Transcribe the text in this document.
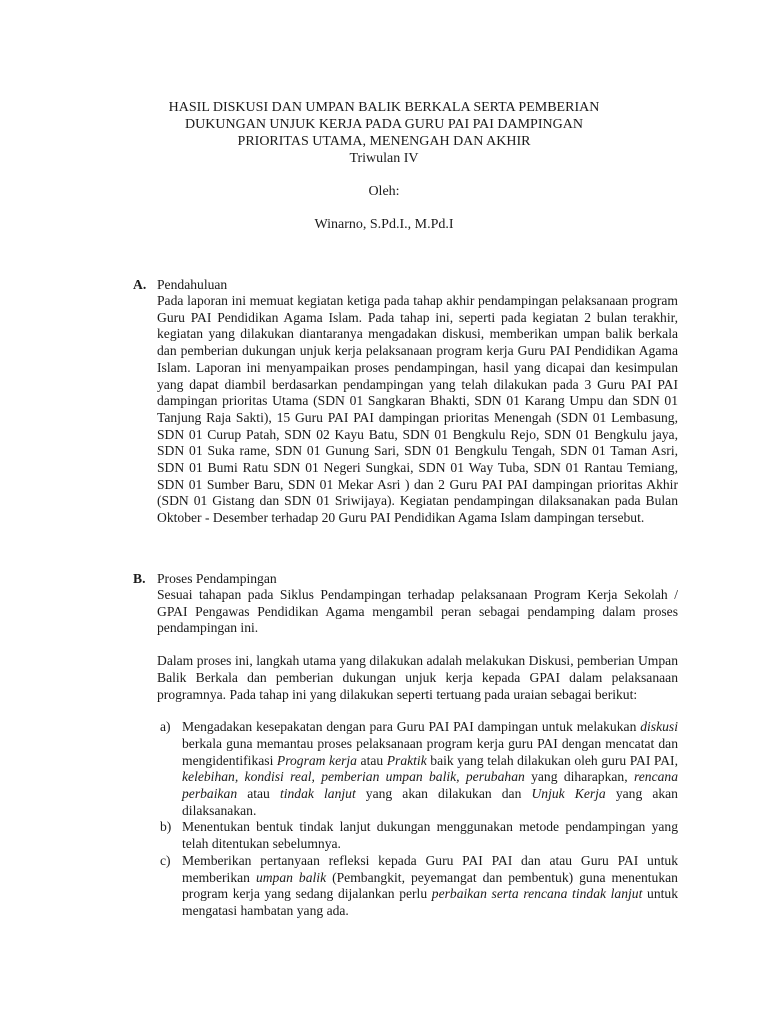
HASIL DISKUSI DAN UMPAN BALIK BERKALA SERTA PEMBERIAN
DUKUNGAN UNJUK KERJA PADA GURU PAI PAI DAMPINGAN
PRIORITAS UTAMA, MENENGAH DAN AKHIR
Triwulan IV
Oleh:
Winarno, S.Pd.I., M.Pd.I
A. Pendahuluan
Pada laporan ini memuat kegiatan ketiga pada tahap akhir pendampingan pelaksanaan program Guru PAI Pendidikan Agama Islam. Pada tahap ini, seperti pada kegiatan 2 bulan terakhir, kegiatan yang dilakukan diantaranya mengadakan diskusi, memberikan umpan balik berkala dan pemberian dukungan unjuk kerja pelaksanaan program kerja Guru PAI Pendidikan Agama Islam. Laporan ini menyampaikan proses pendampingan, hasil yang dicapai dan kesimpulan yang dapat diambil berdasarkan pendampingan yang telah dilakukan pada 3 Guru PAI PAI dampingan prioritas Utama (SDN 01 Sangkaran Bhakti, SDN 01 Karang Umpu dan SDN 01 Tanjung Raja Sakti), 15 Guru PAI PAI dampingan prioritas Menengah (SDN 01 Lembasung, SDN 01 Curup Patah, SDN 02 Kayu Batu, SDN 01 Bengkulu Rejo, SDN 01 Bengkulu jaya, SDN 01 Suka rame, SDN 01 Gunung Sari, SDN 01 Bengkulu Tengah, SDN 01 Taman Asri, SDN 01 Bumi Ratu SDN 01 Negeri Sungkai, SDN 01 Way Tuba, SDN 01 Rantau Temiang, SDN 01 Sumber Baru, SDN 01 Mekar Asri ) dan 2 Guru PAI PAI dampingan prioritas Akhir (SDN 01 Gistang dan SDN 01 Sriwijaya). Kegiatan pendampingan dilaksanakan pada Bulan Oktober - Desember terhadap 20 Guru PAI Pendidikan Agama Islam dampingan tersebut.
B. Proses Pendampingan
Sesuai tahapan pada Siklus Pendampingan terhadap pelaksanaan Program Kerja Sekolah / GPAI Pengawas Pendidikan Agama mengambil peran sebagai pendamping dalam proses pendampingan ini.
Dalam proses ini, langkah utama yang dilakukan adalah melakukan Diskusi, pemberian Umpan Balik Berkala dan pemberian dukungan unjuk kerja kepada GPAI dalam pelaksanaan programnya. Pada tahap ini yang dilakukan seperti tertuang pada uraian sebagai berikut:
a) Mengadakan kesepakatan dengan para Guru PAI PAI dampingan untuk melakukan diskusi berkala guna memantau proses pelaksanaan program kerja guru PAI dengan mencatat dan mengidentifikasi Program kerja atau Praktik baik yang telah dilakukan oleh guru PAI PAI, kelebihan, kondisi real, pemberian umpan balik, perubahan yang diharapkan, rencana perbaikan atau tindak lanjut yang akan dilakukan dan Unjuk Kerja yang akan dilaksanakan.
b) Menentukan bentuk tindak lanjut dukungan menggunakan metode pendampingan yang telah ditentukan sebelumnya.
c) Memberikan pertanyaan refleksi kepada Guru PAI PAI dan atau Guru PAI untuk memberikan umpan balik (Pembangkit, peyemangat dan pembentuk) guna menentukan program kerja yang sedang dijalankan perlu perbaikan serta rencana tindak lanjut untuk mengatasi hambatan yang ada.
